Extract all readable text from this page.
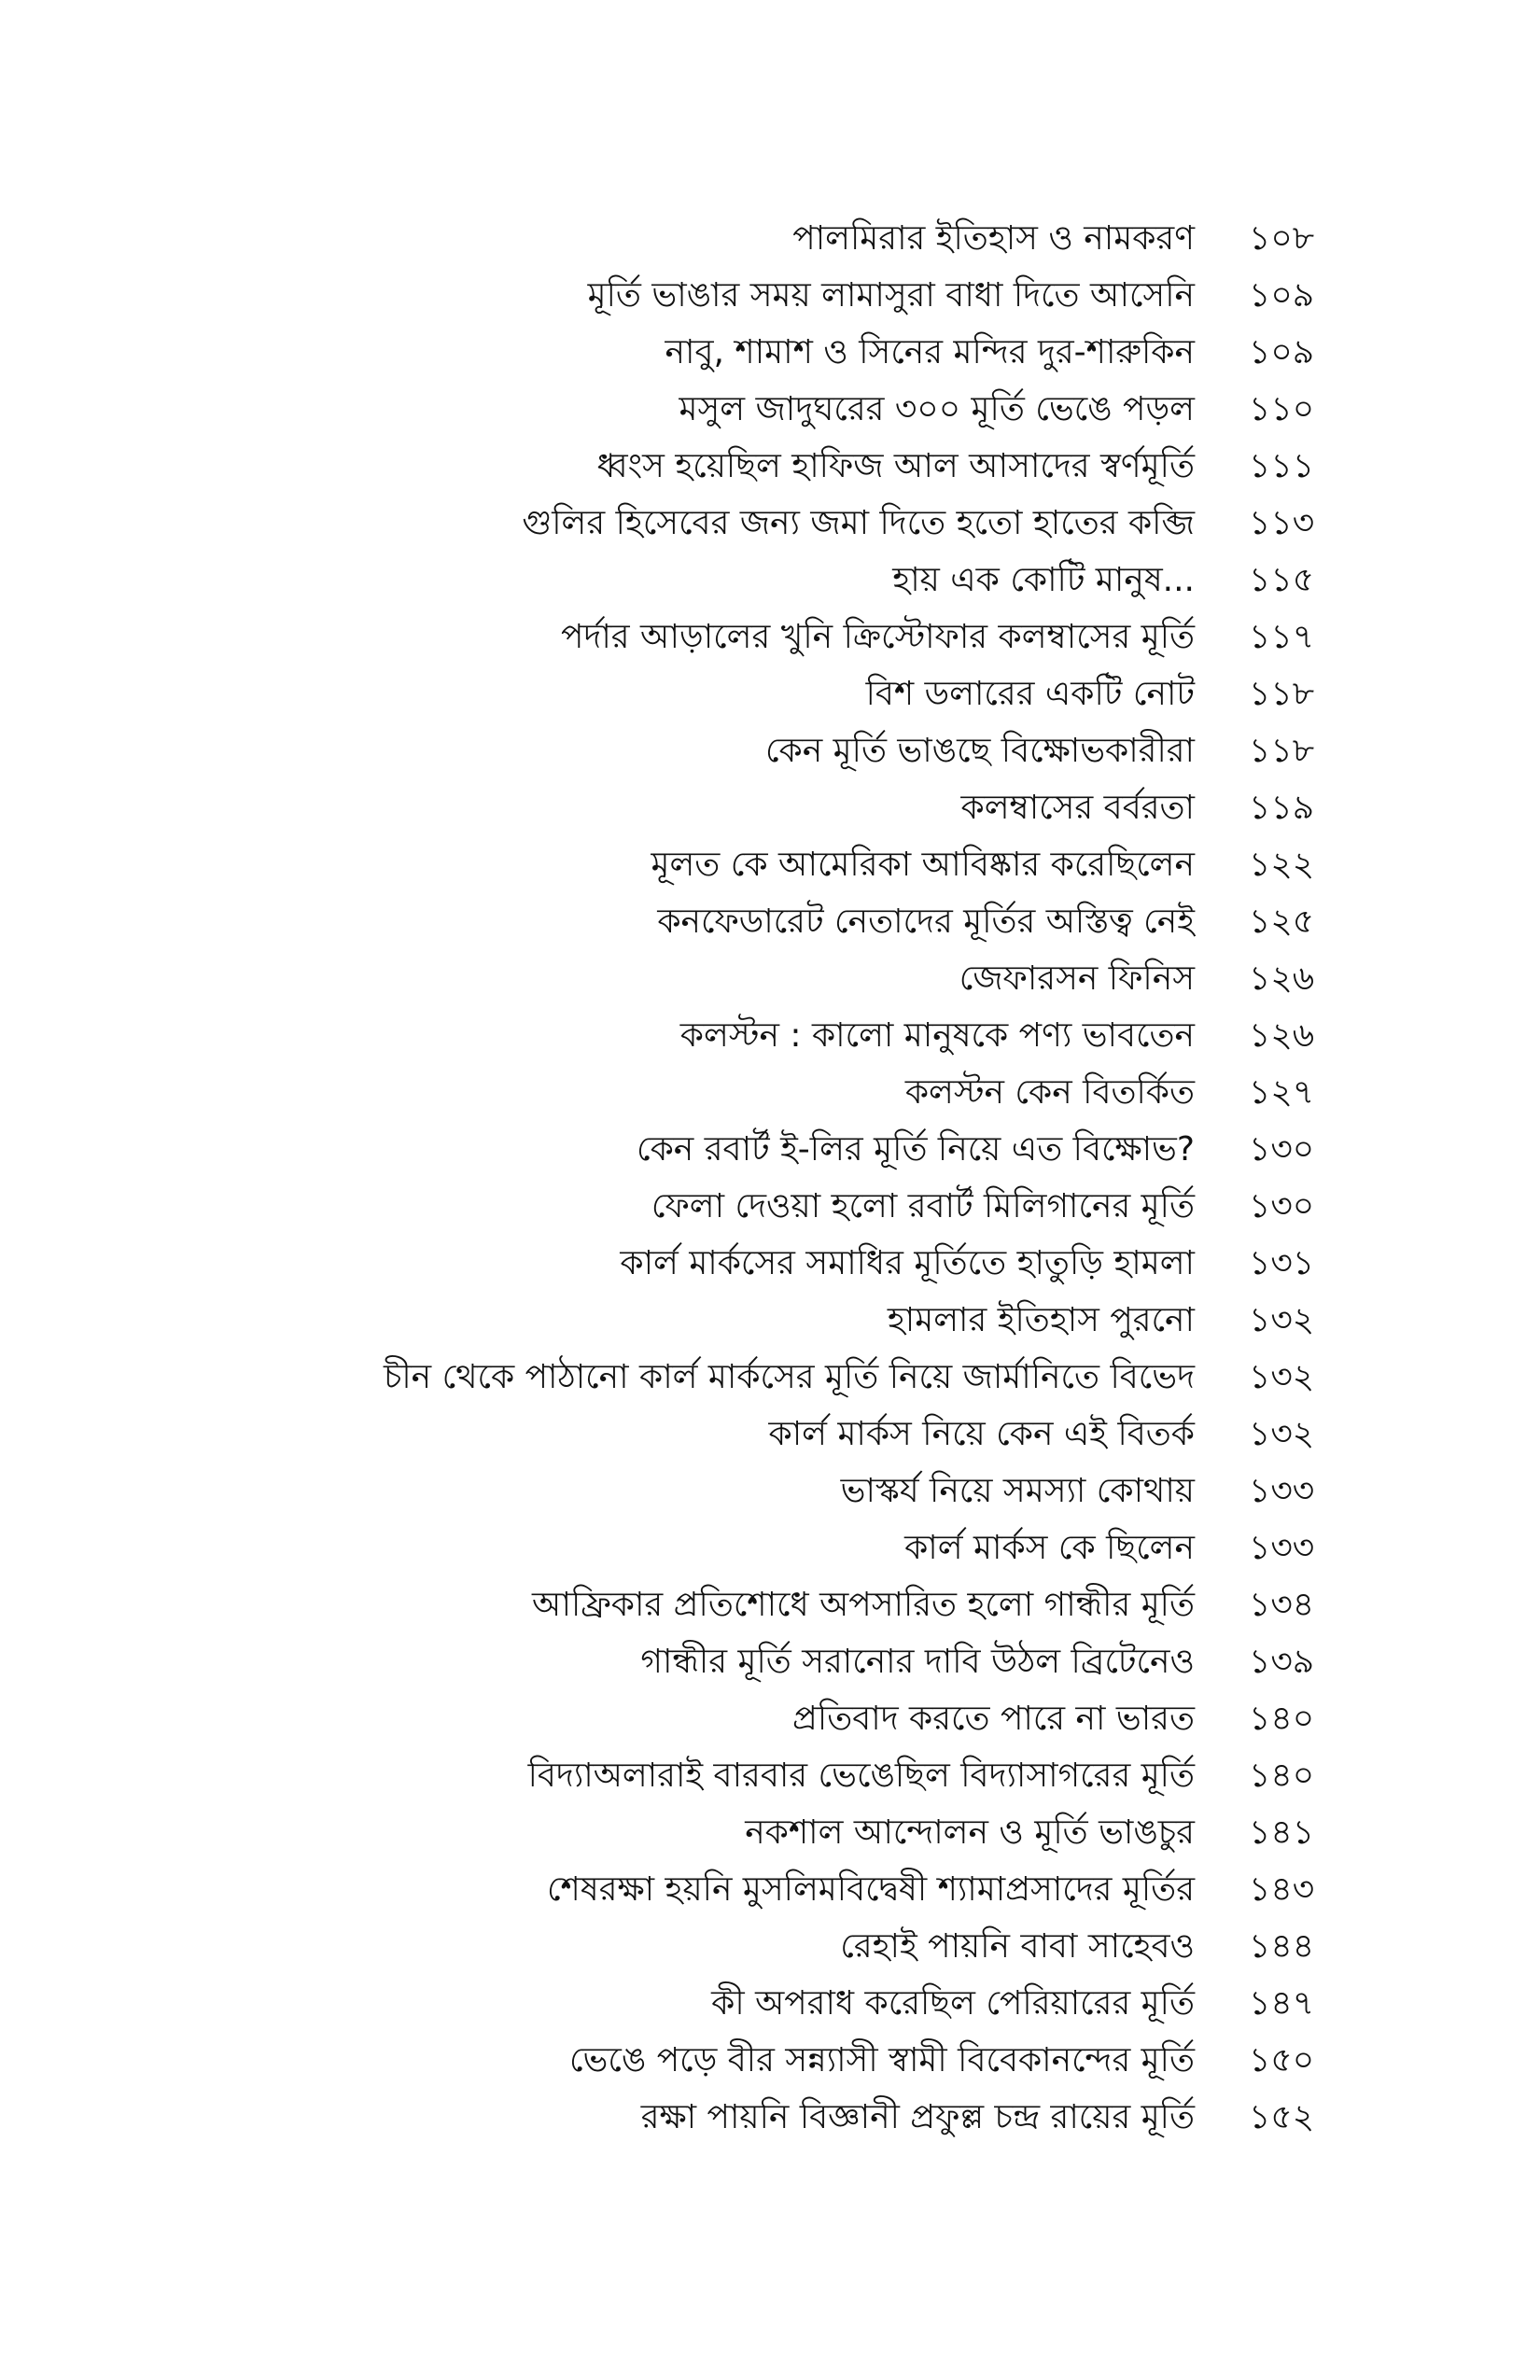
পালমিরার ইতিহাস ও নামকরণ ১০৮
মূর্তি ভাঙার সময় লামাসুরা বাধা দিতে আসেনি ১০৯
নাবু, শামাশ ও সিনের মন্দির দুর-শারুকিন ১০৯
মসুল জাদুঘরের ৩০০ মূর্তি ভেঙে পড়ল ১১০
ধ্বংস হয়েছিল হাফিজ আল আসাদের স্বর্ণমূর্তি ১১১
গুলির হিসেবের জন্য জমা দিতে হতো হাতের কব্জি ১১৩
হায় এক কোটি মানুষ... ১১৫
পর্দার আড়ালের খুনি ক্রিস্টোফার কলম্বাসের মূর্তি ১১৭
বিশ ডলারের একটি নোট ১১৮
কেন মূর্তি ভাঙছে বিক্ষোভকারীরা ১১৮
কলম্বাসের বর্বরতা ১১৯
মূলত কে আমেরিকা আবিষ্কার করেছিলেন ১২২
কনফেডারেট নেতাদের মূর্তির অস্তিত্ব নেই ১২৫
জেফারসন ফিনিস ১২৬
কলস্টন : কালো মানুষকে পণ্য ভাবতেন ১২৬
কলস্টন কেন বিতর্কিত ১২৭
কেন রবার্ট ই-লির মূর্তি নিয়ে এত বিক্ষোভ? ১৩০
ফেলা দেওয়া হলো রবার্ট মিলিগানের মূর্তি ১৩০
কার্ল মার্কসের সমাধির মূর্তিতে হাতুড়ি হামলা ১৩১
হামলার ইতিহাস পুরনো ১৩২
চীন থেকে পাঠানো কার্ল মার্কসের মূর্তি নিয়ে জার্মানিতে বিভেদ ১৩২
কার্ল মার্কস নিয়ে কেন এই বিতর্ক ১৩২
ভাস্কর্য নিয়ে সমস্যা কোথায় ১৩৩
কার্ল মার্কস কে ছিলেন ১৩৩
আফ্রিকার প্রতিশোধে অপসারিত হলো গান্ধীর মূর্তি ১৩৪
গান্ধীর মূর্তি সরানোর দাবি উঠল ব্রিটেনেও ১৩৯
প্রতিবাদ করতে পারে না ভারত ১৪০
বিদ্যাঅলারাই বারবার ভেঙেছিল বিদ্যাসাগরের মূর্তি ১৪০
নকশাল আন্দোলন ও মূর্তি ভাঙচুর ১৪১
শেষরক্ষা হয়নি মুসলিমবিদ্বেষী শ্যামাপ্রসাদের মূর্তির ১৪৩
রেহাই পায়নি বাবা সাহেবও ১৪৪
কী অপরাধ করেছিল পেরিয়ারের মূর্তি ১৪৭
ভেঙে পড়ে বীর সন্ন্যাসী স্বামী বিবেকানন্দের মূর্তি ১৫০
রক্ষা পায়নি বিজ্ঞানী প্রফুল্ল চন্দ্র রায়ের মূর্তি ১৫২
